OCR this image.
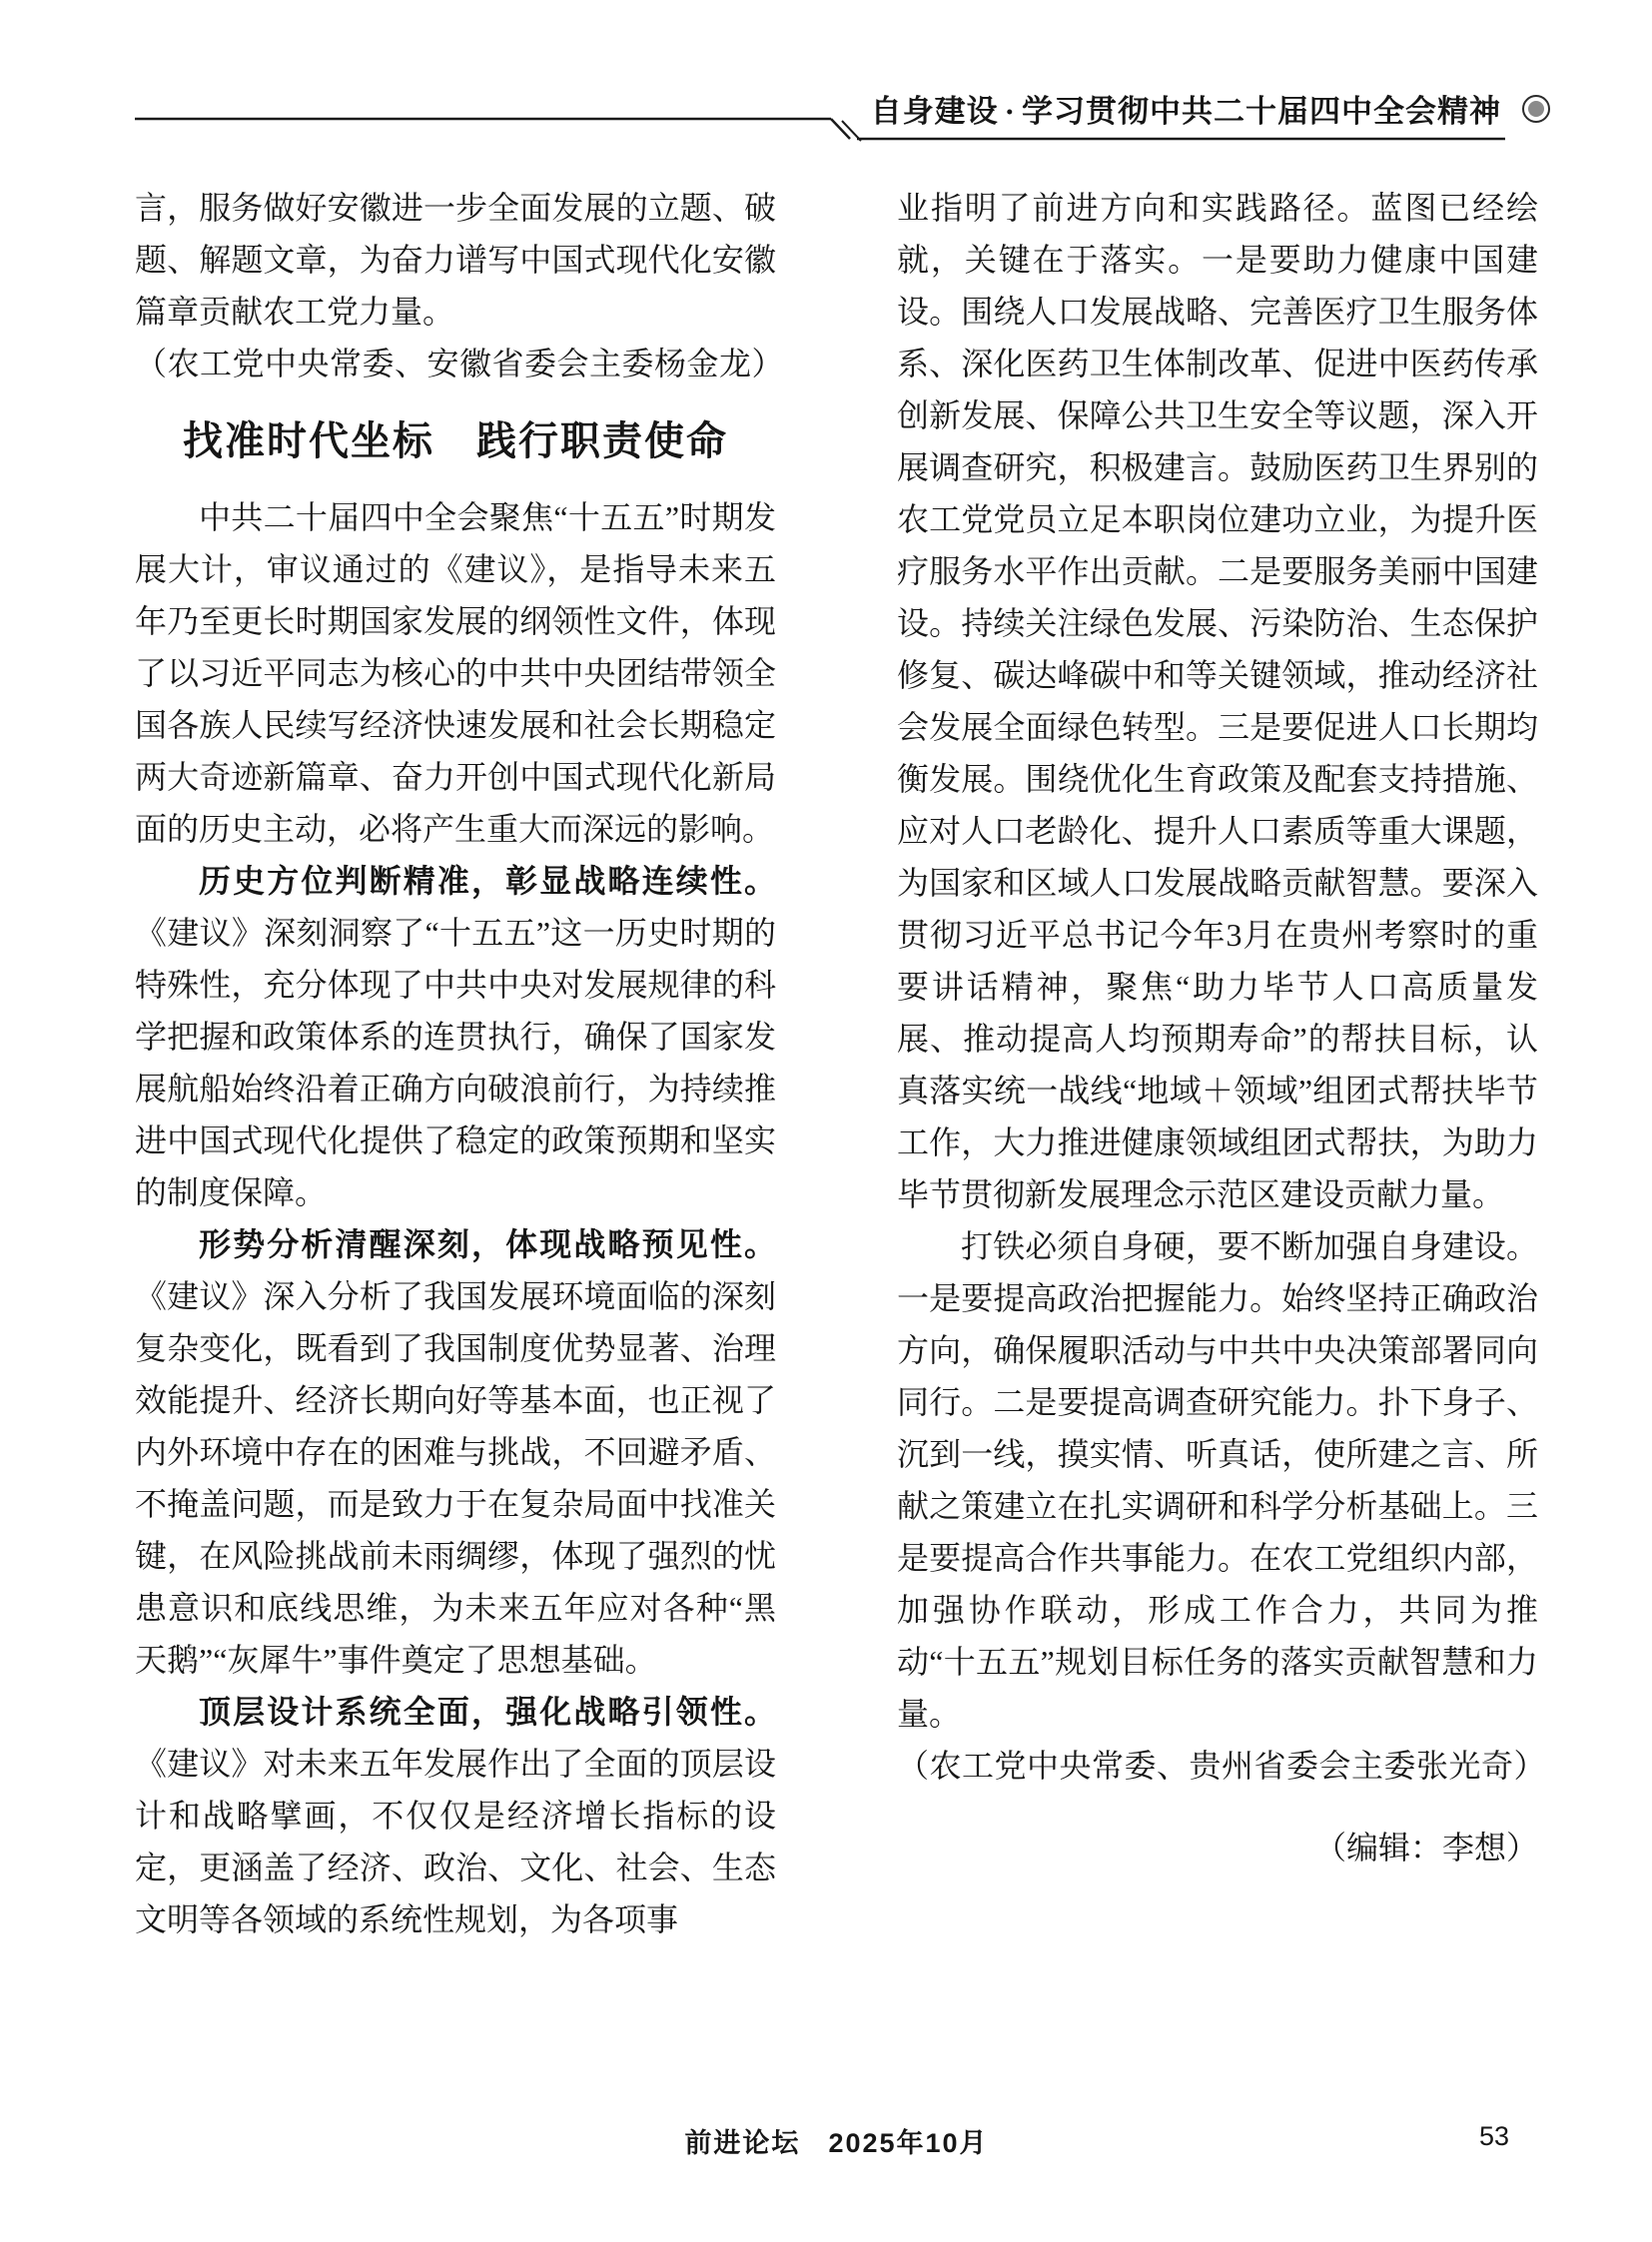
自身建设 · 学习贯彻中共二十届四中全会精神

言，服务做好安徽进一步全面发展的立题、破题、解题文章，为奋力谱写中国式现代化安徽篇章贡献农工党力量。

（农工党中央常委、安徽省委会主委杨金龙）

找准时代坐标　践行职责使命

中共二十届四中全会聚焦“十五五”时期发展大计，审议通过的《建议》，是指导未来五年乃至更长时期国家发展的纲领性文件，体现了以习近平同志为核心的中共中央团结带领全国各族人民续写经济快速发展和社会长期稳定两大奇迹新篇章、奋力开创中国式现代化新局面的历史主动，必将产生重大而深远的影响。

历史方位判断精准，彰显战略连续性。《建议》深刻洞察了“十五五”这一历史时期的特殊性，充分体现了中共中央对发展规律的科学把握和政策体系的连贯执行，确保了国家发展航船始终沿着正确方向破浪前行，为持续推进中国式现代化提供了稳定的政策预期和坚实的制度保障。

形势分析清醒深刻，体现战略预见性。《建议》深入分析了我国发展环境面临的深刻复杂变化，既看到了我国制度优势显著、治理效能提升、经济长期向好等基本面，也正视了内外环境中存在的困难与挑战，不回避矛盾、不掩盖问题，而是致力于在复杂局面中找准关键，在风险挑战前未雨绸缪，体现了强烈的忧患意识和底线思维，为未来五年应对各种“黑天鹅”“灰犀牛”事件奠定了思想基础。

顶层设计系统全面，强化战略引领性。《建议》对未来五年发展作出了全面的顶层设计和战略擘画，不仅仅是经济增长指标的设定，更涵盖了经济、政治、文化、社会、生态文明等各领域的系统性规划，为各项事

业指明了前进方向和实践路径。蓝图已经绘就，关键在于落实。一是要助力健康中国建设。围绕人口发展战略、完善医疗卫生服务体系、深化医药卫生体制改革、促进中医药传承创新发展、保障公共卫生安全等议题，深入开展调查研究，积极建言。鼓励医药卫生界别的农工党党员立足本职岗位建功立业，为提升医疗服务水平作出贡献。二是要服务美丽中国建设。持续关注绿色发展、污染防治、生态保护修复、碳达峰碳中和等关键领域，推动经济社会发展全面绿色转型。三是要促进人口长期均衡发展。围绕优化生育政策及配套支持措施、应对人口老龄化、提升人口素质等重大课题，为国家和区域人口发展战略贡献智慧。要深入贯彻习近平总书记今年3月在贵州考察时的重要讲话精神，聚焦“助力毕节人口高质量发展、推动提高人均预期寿命”的帮扶目标，认真落实统一战线“地域＋领域”组团式帮扶毕节工作，大力推进健康领域组团式帮扶，为助力毕节贯彻新发展理念示范区建设贡献力量。

打铁必须自身硬，要不断加强自身建设。一是要提高政治把握能力。始终坚持正确政治方向，确保履职活动与中共中央决策部署同向同行。二是要提高调查研究能力。扑下身子、沉到一线，摸实情、听真话，使所建之言、所献之策建立在扎实调研和科学分析基础上。三是要提高合作共事能力。在农工党组织内部，加强协作联动，形成工作合力，共同为推动“十五五”规划目标任务的落实贡献智慧和力量。

（农工党中央常委、贵州省委会主委张光奇）

（编辑：李想）

前进论坛 2025年10月	53
